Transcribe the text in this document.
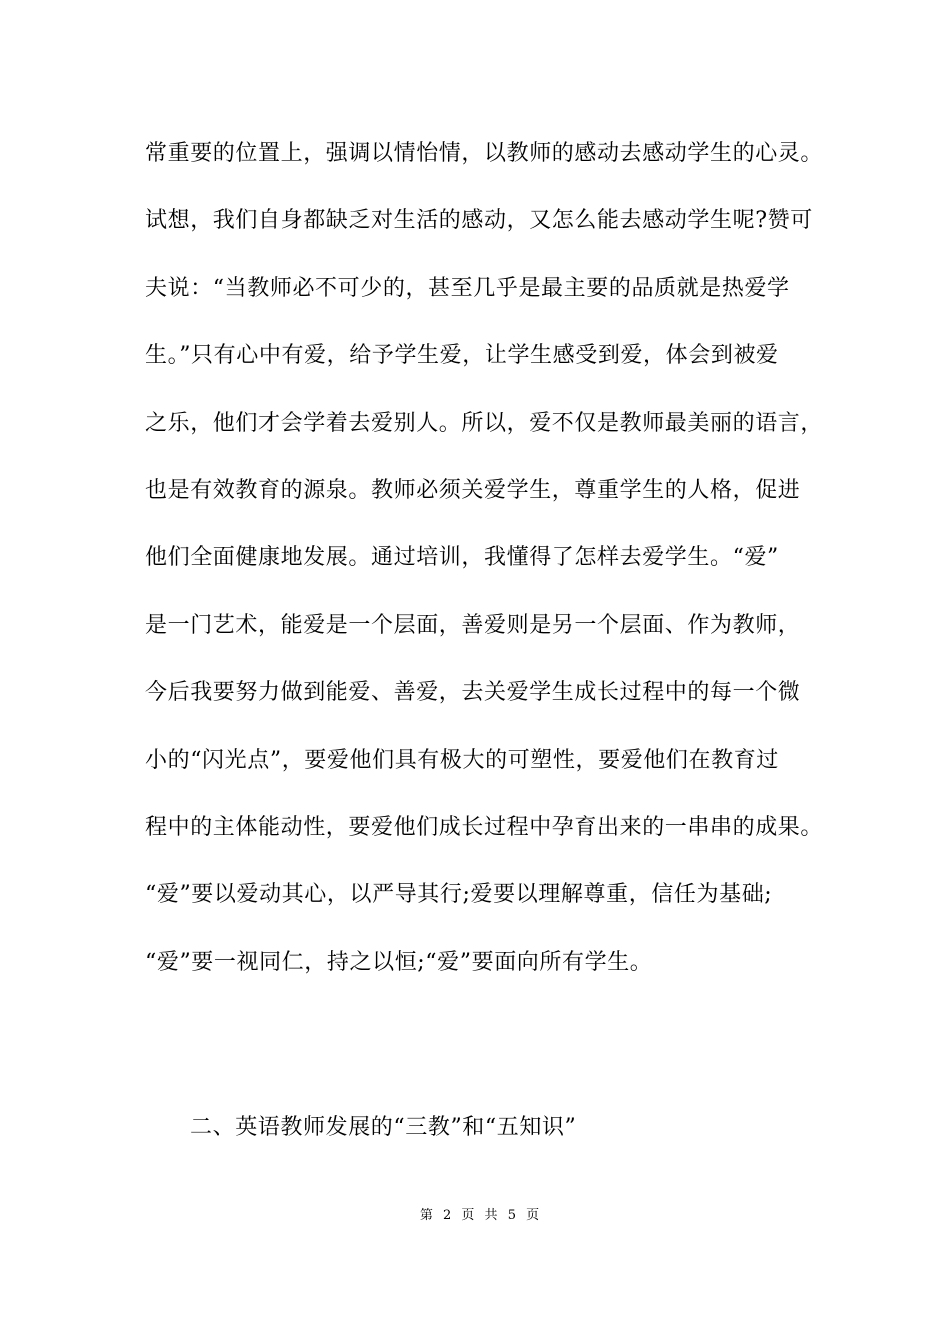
常重要的位置上，强调以情怡情，以教师的感动去感动学生的心灵。
试想，我们自身都缺乏对生活的感动，又怎么能去感动学生呢?赞可
夫说：“当教师必不可少的，甚至几乎是最主要的品质就是热爱学
生。”只有心中有爱，给予学生爱，让学生感受到爱，体会到被爱
之乐，他们才会学着去爱别人。所以，爱不仅是教师最美丽的语言，
也是有效教育的源泉。教师必须关爱学生，尊重学生的人格，促进
他们全面健康地发展。通过培训，我懂得了怎样去爱学生。“爱”
是一门艺术，能爱是一个层面，善爱则是另一个层面、作为教师，
今后我要努力做到能爱、善爱，去关爱学生成长过程中的每一个微
小的“闪光点”，要爱他们具有极大的可塑性，要爱他们在教育过
程中的主体能动性，要爱他们成长过程中孕育出来的一串串的成果。
“爱”要以爱动其心，以严导其行;爱要以理解尊重，信任为基础;
“爱”要一视同仁，持之以恒;“爱”要面向所有学生。
二、英语教师发展的“三教”和“五知识”
第 2 页 共 5 页
